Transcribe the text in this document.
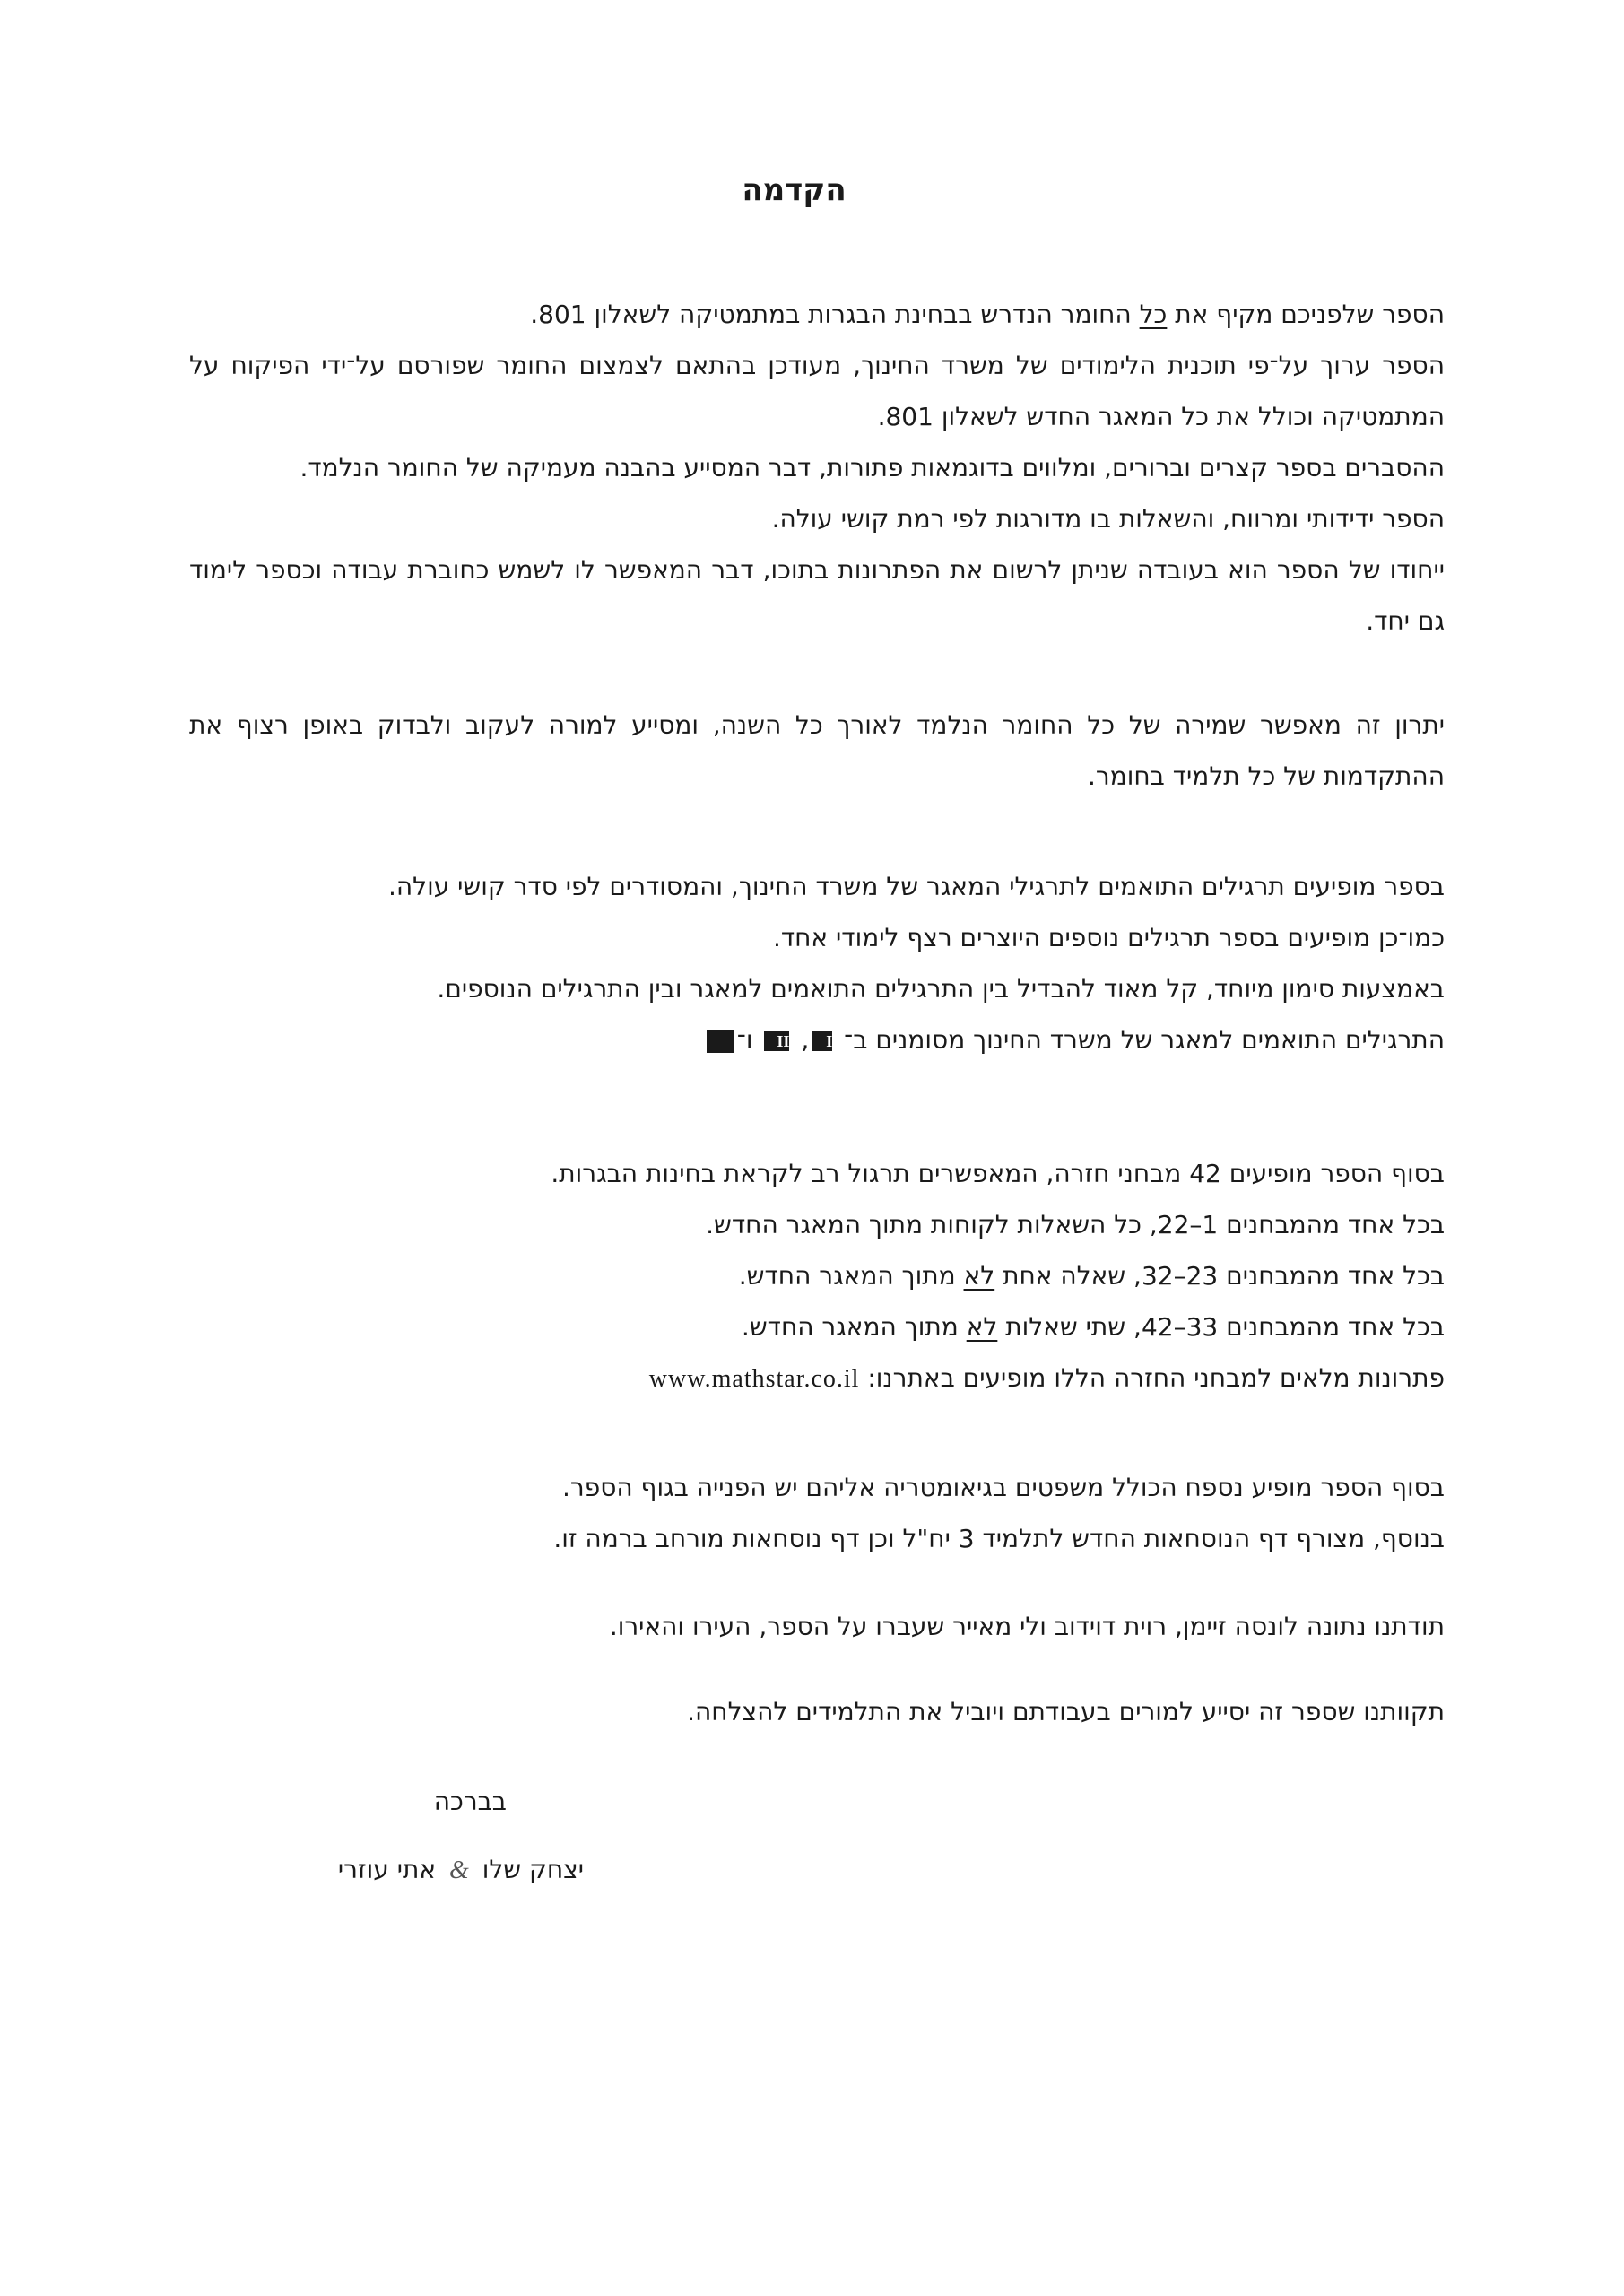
הקדמה

הספר שלפניכם מקיף את כל החומר הנדרש בבחינת הבגרות במתמטיקה לשאלון 801.

הספר ערוך על־פי תוכנית הלימודים של משרד החינוך, מעודכן בהתאם לצמצום החומר שפורסם על־ידי הפיקוח על המתמטיקה וכולל את כל המאגר החדש לשאלון 801.

ההסברים בספר קצרים וברורים, ומלווים בדוגמאות פתורות, דבר המסייע בהבנה מעמיקה של החומר הנלמד.

הספר ידידותי ומרווח, והשאלות בו מדורגות לפי רמת קושי עולה.

ייחודו של הספר הוא בעובדה שניתן לרשום את הפתרונות בתוכו, דבר המאפשר לו לשמש כחוברת עבודה וכספר לימוד גם יחד.

יתרון זה מאפשר שמירה של כל החומר הנלמד לאורך כל השנה, ומסייע למורה לעקוב ולבדוק באופן רצוף את ההתקדמות של כל תלמיד בחומר.

בספר מופיעים תרגילים התואמים לתרגילי המאגר של משרד החינוך, והמסודרים לפי סדר קושי עולה.

כמו־כן מופיעים בספר תרגילים נוספים היוצרים רצף לימודי אחד.

באמצעות סימון מיוחד, קל מאוד להבדיל בין התרגילים התואמים למאגר ובין התרגילים הנוספים.

התרגילים התואמים למאגר של משרד החינוך מסומנים ב־ I, II ו־

בסוף הספר מופיעים 42 מבחני חזרה, המאפשרים תרגול רב לקראת בחינות הבגרות.

בכל אחד מהמבחנים 1–22, כל השאלות לקוחות מתוך המאגר החדש.

בכל אחד מהמבחנים 23–32, שאלה אחת לא מתוך המאגר החדש.

בכל אחד מהמבחנים 33–42, שתי שאלות לא מתוך המאגר החדש.

פתרונות מלאים למבחני החזרה הללו מופיעים באתרנו: www.mathstar.co.il

בסוף הספר מופיע נספח הכולל משפטים בגיאומטריה אליהם יש הפנייה בגוף הספר.

בנוסף, מצורף דף הנוסחאות החדש לתלמיד 3 יח"ל וכן דף נוסחאות מורחב ברמה זו.

תודתנו נתונה לונסה זיימן, רוית דוידוב ולי מאייר שעברו על הספר, העירו והאירו.

תקוותנו שספר זה יסייע למורים בעבודתם ויוביל את התלמידים להצלחה.

בברכה
יצחק שלו & אתי עוזרי
